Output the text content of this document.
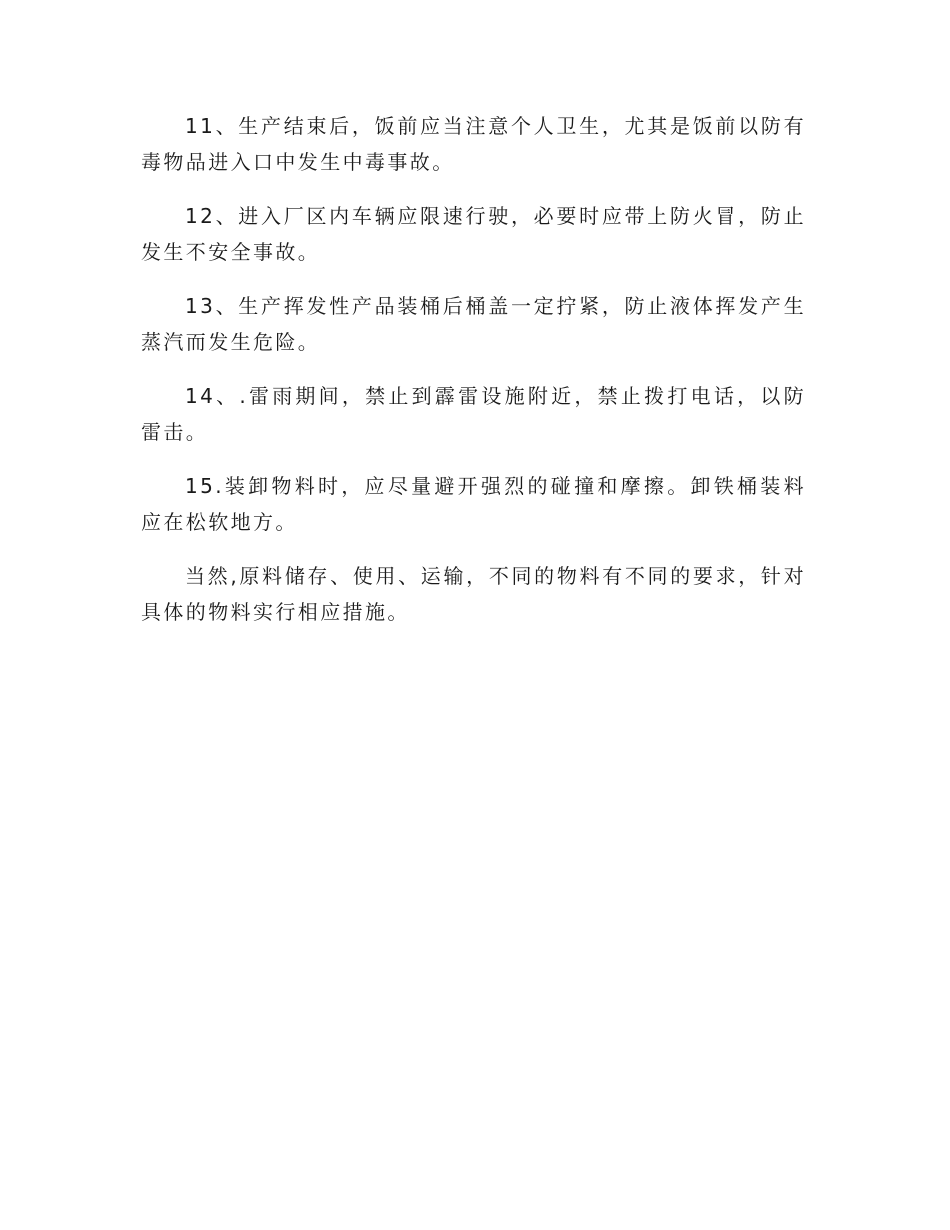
11、生产结束后，饭前应当注意个人卫生，尤其是饭前以防有毒物品进入口中发生中毒事故。

12、进入厂区内车辆应限速行驶，必要时应带上防火冒，防止发生不安全事故。

13、生产挥发性产品装桶后桶盖一定拧紧，防止液体挥发产生蒸汽而发生危险。

14、.雷雨期间，禁止到霹雷设施附近，禁止拨打电话，以防雷击。

15.装卸物料时，应尽量避开强烈的碰撞和摩擦。卸铁桶装料应在松软地方。

当然,原料储存、使用、运输，不同的物料有不同的要求，针对具体的物料实行相应措施。
